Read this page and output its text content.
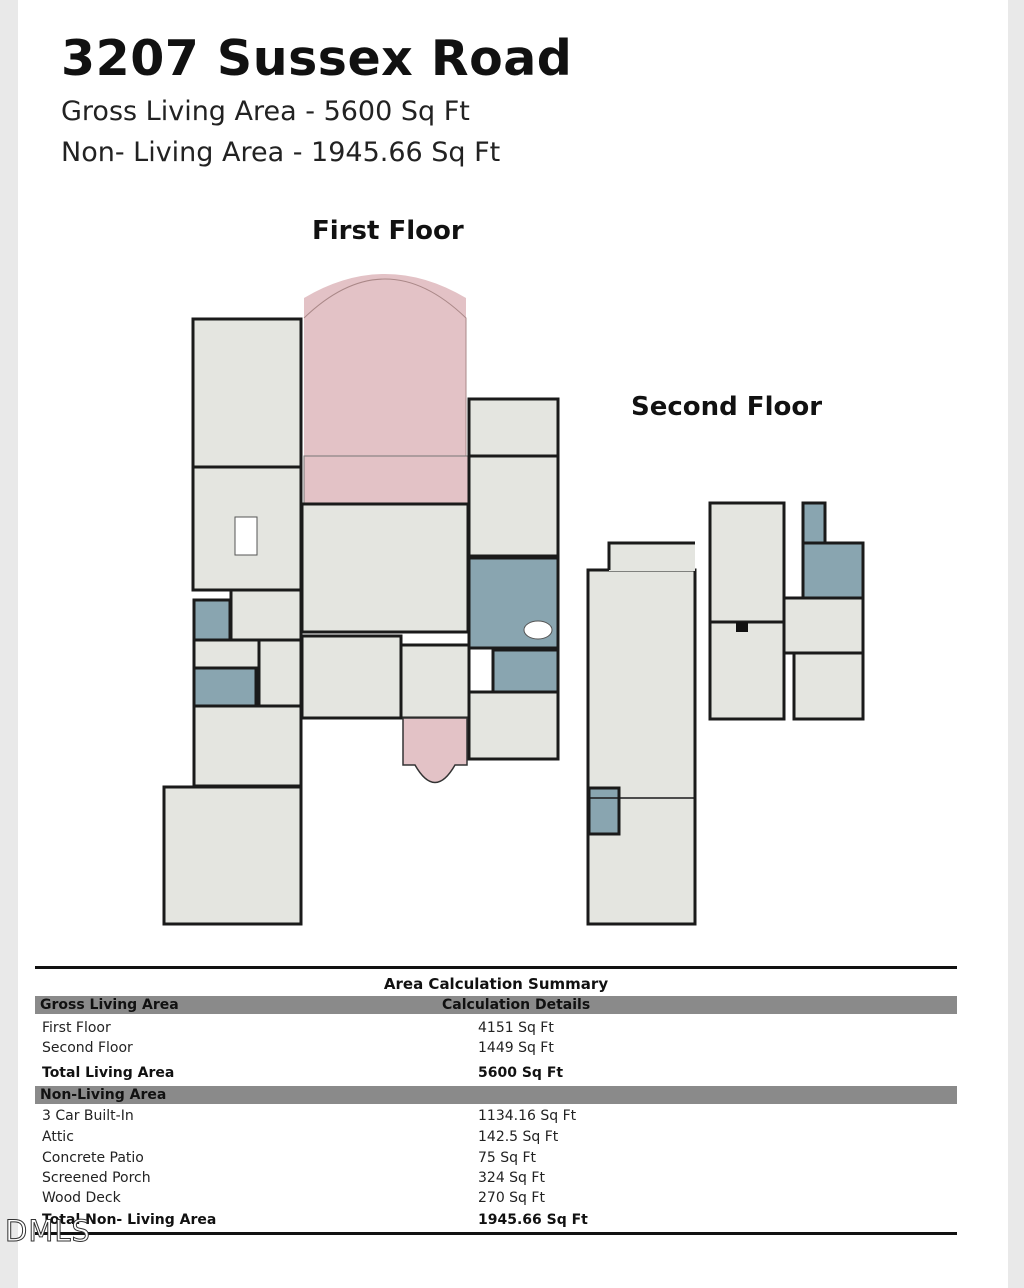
3207 Sussex Road
Gross Living Area - 5600 Sq Ft
Non- Living Area - 1945.66 Sq Ft
First Floor
Second Floor
Area Calculation Summary
Gross Living Area	Calculation Details
First Floor	4151 Sq Ft
Second Floor	1449 Sq Ft
Total Living Area	5600 Sq Ft
Non-Living Area
3 Car Built-In	1134.16 Sq Ft
Attic	142.5 Sq Ft
Concrete Patio	75 Sq Ft
Screened Porch	324 Sq Ft
Wood Deck	270 Sq Ft
Total Non- Living Area	1945.66 Sq Ft
DMLS
